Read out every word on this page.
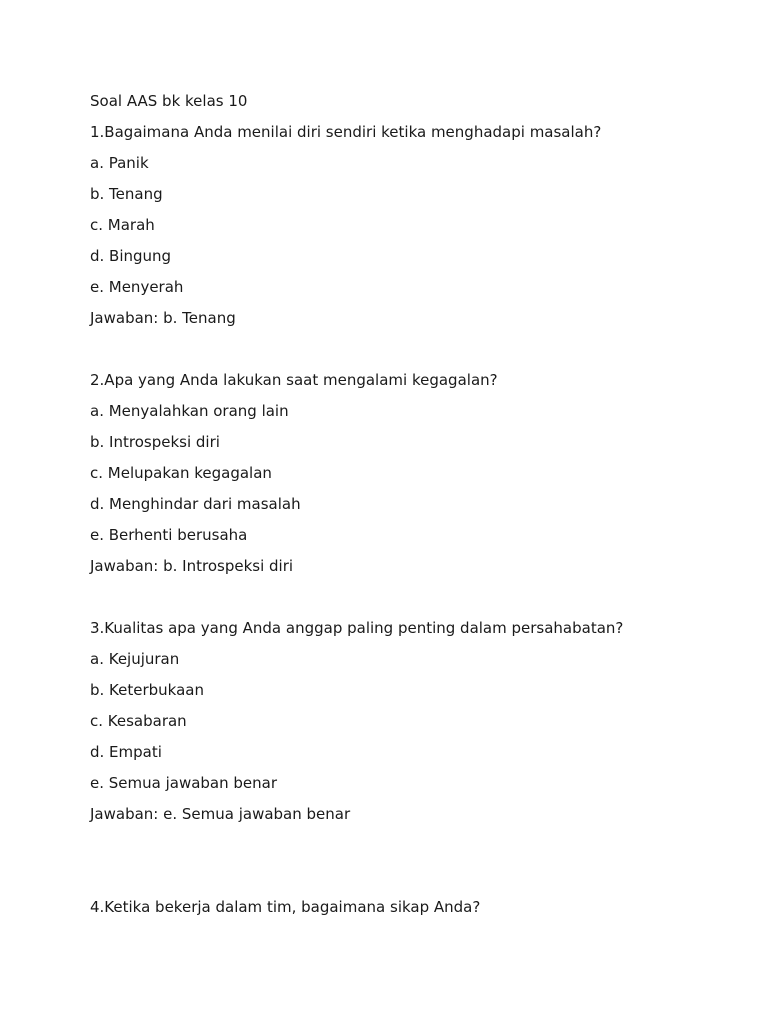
Soal AAS bk kelas 10
1.Bagaimana Anda menilai diri sendiri ketika menghadapi masalah?
a. Panik
b. Tenang
c. Marah
d. Bingung
e. Menyerah
Jawaban: b. Tenang
2.Apa yang Anda lakukan saat mengalami kegagalan?
a. Menyalahkan orang lain
b. Introspeksi diri
c. Melupakan kegagalan
d. Menghindar dari masalah
e. Berhenti berusaha
Jawaban: b. Introspeksi diri
3.Kualitas apa yang Anda anggap paling penting dalam persahabatan?
a. Kejujuran
b. Keterbukaan
c. Kesabaran
d. Empati
e. Semua jawaban benar
Jawaban: e. Semua jawaban benar
4.Ketika bekerja dalam tim, bagaimana sikap Anda?
